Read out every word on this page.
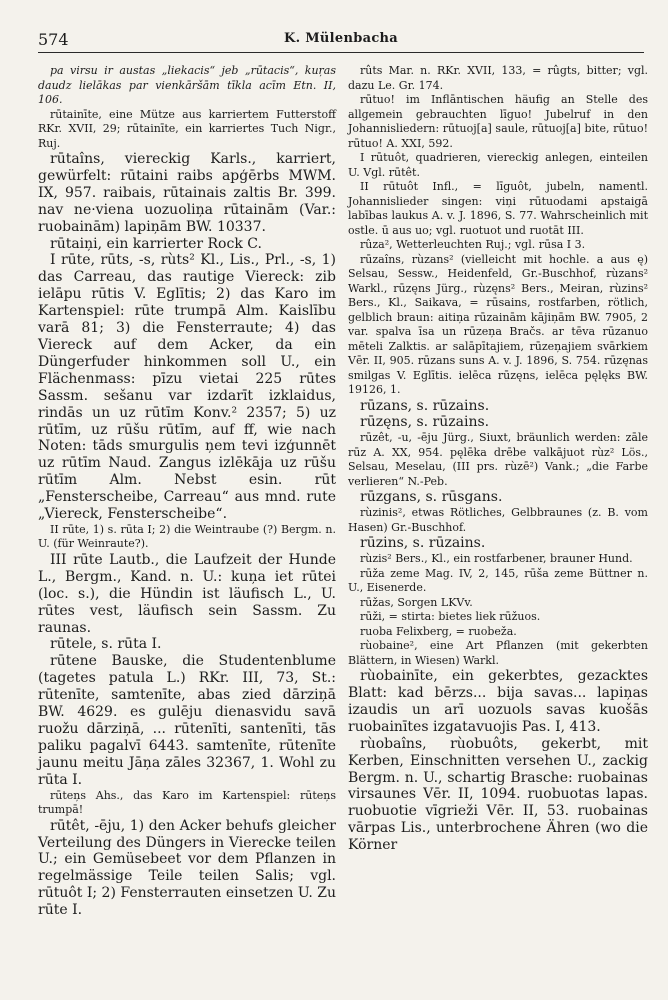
574	K. Mülenbacha

pa virsu ir austas „liekacis“ jeb „rūtacis“, kuŗas daudz lielākas par vienkāršām tīkla acīm Etn. II, 106.

rūtainīte, eine Mütze aus karriertem Futterstoff RKr. XVII, 29; rūtainīte, ein karriertes Tuch Nigr., Ruj.

rūtaîns, viereckig Karls., karriert, gewürfelt: rūtaini raibs apģērbs MWM. IX, 957. raibais, rūtainais zaltis Br. 399. nav ne·viena uozuoliņa rūtainām (Var.: ruobainām) lapiņām BW. 10337.

rūtaiņi, ein karrierter Rock C.

I rūte, rūts, -s, rùts² Kl., Lis., Prl., -s, 1) das Carreau, das rautige Viereck: zib ielāpu rūtis V. Eglītis; 2) das Karo im Kartenspiel: rūte trumpā Alm. Kaislību varā 81; 3) die Fensterraute; 4) das Viereck auf dem Acker, da ein Düngerfuder hinkommen soll U., ein Flächenmass: pīzu vietai 225 rūtes Sassm. sešanu var izdarīt izklaidus, rindās un uz rūtīm Konv.² 2357; 5) uz rūtīm, uz rūšu rūtīm, auf ff, wie nach Noten: tāds smurgulis ņem tevi izģunnēt uz rūtīm Naud. Zangus izlēkāja uz rūšu rūtīm Alm. Nebst esin. rūt „Fensterscheibe, Carreau“ aus mnd. rute „Viereck, Fensterscheibe“.

II rūte, 1) s. rūta I; 2) die Weintraube (?) Bergm. n. U. (für Weinraute?).

III rūte Lautb., die Laufzeit der Hunde L., Bergm., Kand. n. U.: kuņa iet rūtei (loc. s.), die Hündin ist läufisch L., U. rūtes vest, läufisch sein Sassm. Zu raunas.

rūtele, s. rūta I.

rūtene Bauske, die Studentenblume (tagetes patula L.) RKr. III, 73, St.: rūtenīte, samtenīte, abas zied dārziņā BW. 4629. es gulēju dienasvidu savā ruožu dārziņā, ... rūtenīti, santenīti, tās paliku pagalvī 6443. samtenīte, rūtenīte jaunu meitu Jāņa zāles 32367, 1. Wohl zu rūta I.

rūteņs Ahs., das Karo im Kartenspiel: rūteņs trumpā!

rūtêt, -ēju, 1) den Acker behufs gleicher Verteilung des Düngers in Vierecke teilen U.; ein Gemüsebeet vor dem Pflanzen in regelmässige Teile teilen Salis; vgl. rūtuôt I; 2) Fensterrauten einsetzen U. Zu rūte I.

rûts Mar. n. RKr. XVII, 133, = rûgts, bitter; vgl. dazu Le. Gr. 174.

rūtuo! im Inflāntischen häufig an Stelle des allgemein gebrauchten līguo! Jubelruf in den Johannisliedern: rūtuoj[a] saule, rūtuoj[a] bite, rūtuo! rūtuo! A. XXI, 592.

I rūtuôt, quadrieren, viereckig anlegen, einteilen U. Vgl. rūtêt.

II rūtuôt Infl., = līguôt, jubeln, namentl. Johannislieder singen: viņi rūtuodami apstaigā labības laukus A. v. J. 1896, S. 77. Wahrscheinlich mit ostle. ū aus uo; vgl. ruotuot und ruotāt III.

rûza², Wetterleuchten Ruj.; vgl. rūsa I 3.

rūzaîns, rùzans² (vielleicht mit hochle. a aus ę) Selsau, Sessw., Heidenfeld, Gr.-Buschhof, rùzans² Warkl., rūzęns Jürg., rùzęns² Bers., Meiran, rùzins² Bers., Kl., Saikava, = rūsains, rostfarben, rötlich, gelblich braun: aitiņa rūzainām kājiņām BW. 7905, 2 var. spalva īsa un rūzeņa Bračs. ar tēva rūzanuo mēteli Zalktis. ar salāpītajiem, rūzeņajiem svārkiem Vēr. II, 905. rūzans suns A. v. J. 1896, S. 754. rūzęnas smilgas V. Eglītis. ielēca rūzęns, ielēca pęlęks BW. 19126, 1.

rūzans, s. rūzains.

rūzęns, s. rūzains.

rūzêt, -u, -ēju Jürg., Siuxt, bräunlich werden: zāle rūz A. XX, 954. pęlēka drēbe valkājuot rùz² Lös., Selsau, Meselau, (III prs. rùzē²) Vank.; „die Farbe verlieren“ N.-Peb.

rūzgans, s. rūsgans.

rùzinis², etwas Rötliches, Gelbbraunes (z. B. vom Hasen) Gr.-Buschhof.

rūzins, s. rūzains.

rùzis² Bers., Kl., ein rostfarbener, brauner Hund.

rūža zeme Mag. IV, 2, 145, rūša zeme Büttner n. U., Eisenerde.

rūžas, Sorgen LKVv.

rūži, = stirta: bietes liek rūžuos.

ruoba Felixberg, = ruobeža.

rùobaine², eine Art Pflanzen (mit gekerbten Blättern, in Wiesen) Warkl.

rùobainīte, ein gekerbtes, gezacktes Blatt: kad bērzs... bija savas... lapiņas izaudis un arī uozuols savas kuošās ruobainītes izgatavuojis Pas. I, 413.

rùobaîns, rùobuôts, gekerbt, mit Kerben, Einschnitten versehen U., zackig Bergm. n. U., schartig Brasche: ruobainas virsaunes Vēr. II, 1094. ruobuotas lapas. ruobuotie vīgrieži Vēr. II, 53. ruobainas vārpas Lis., unterbrochene Ähren (wo die Körner
